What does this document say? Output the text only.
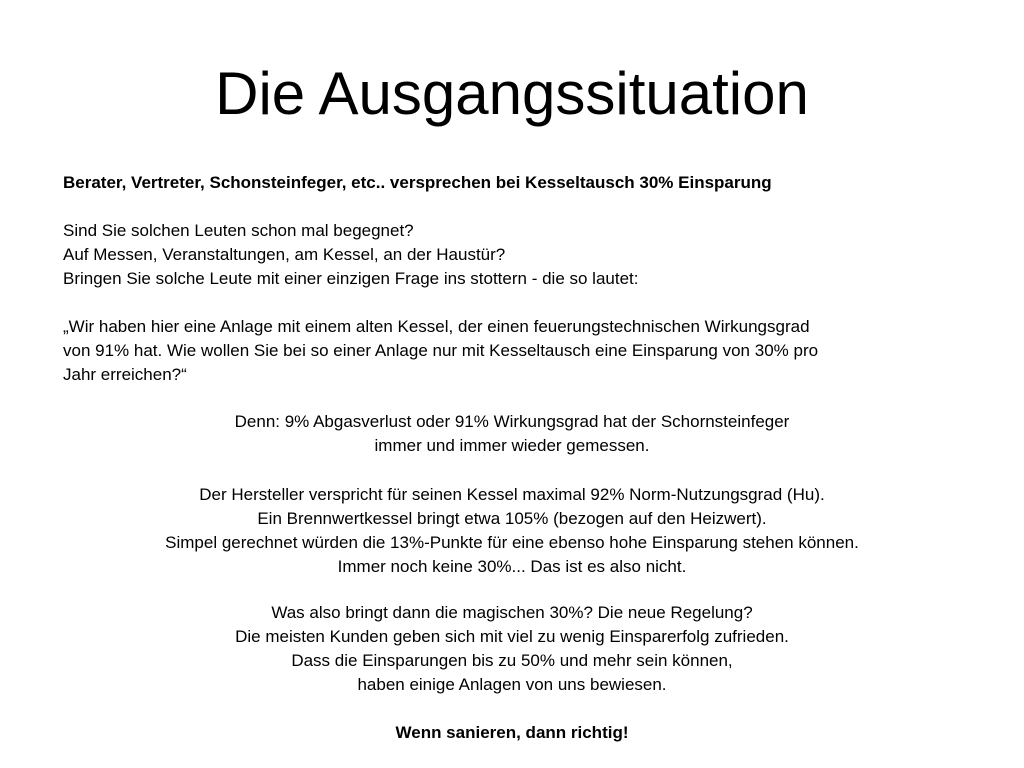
Die Ausgangssituation
Berater, Vertreter, Schonsteinfeger, etc.. versprechen bei Kesseltausch 30% Einsparung
Sind Sie solchen Leuten schon mal begegnet?
Auf Messen, Veranstaltungen, am Kessel, an der Haustür?
Bringen Sie solche Leute mit einer einzigen Frage ins stottern - die so lautet:
„Wir haben hier eine Anlage mit einem alten Kessel, der einen feuerungstechnischen Wirkungsgrad
von 91% hat. Wie wollen Sie bei so einer Anlage nur mit Kesseltausch eine Einsparung von 30% pro
Jahr erreichen?“
Denn: 9% Abgasverlust oder 91% Wirkungsgrad hat der Schornsteinfeger
immer und immer wieder gemessen.
Der Hersteller verspricht für seinen Kessel maximal 92% Norm-Nutzungsgrad (Hu).
Ein Brennwertkessel bringt etwa 105% (bezogen auf den Heizwert).
Simpel gerechnet würden die 13%-Punkte für eine ebenso hohe Einsparung stehen können.
Immer noch keine 30%... Das ist es also nicht.
Was also bringt dann die magischen 30%? Die neue Regelung?
Die meisten Kunden geben sich mit viel zu wenig Einsparerfolg zufrieden.
Dass die Einsparungen bis zu 50% und mehr sein können,
haben einige Anlagen von uns bewiesen.
Wenn sanieren, dann richtig!
